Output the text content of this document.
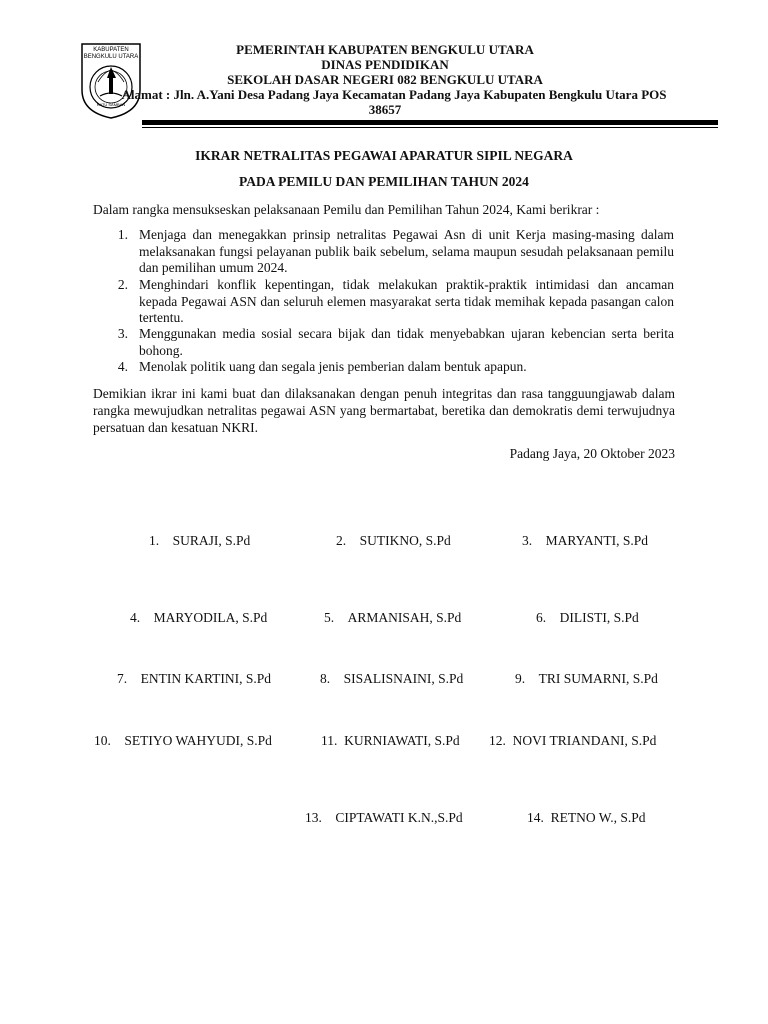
KABUPATEN
BENGKULU UTARA
RATU SAMBAN
PEMERINTAH KABUPATEN BENGKULU UTARA
DINAS PENDIDIKAN
SEKOLAH DASAR NEGERI 082 BENGKULU UTARA
Alamat : Jln. A.Yani Desa Padang Jaya Kecamatan Padang Jaya Kabupaten Bengkulu Utara POS
38657
IKRAR NETRALITAS PEGAWAI APARATUR SIPIL NEGARA
PADA PEMILU DAN PEMILIHAN TAHUN 2024
Dalam rangka mensukseskan pelaksanaan Pemilu dan Pemilihan Tahun 2024, Kami berikrar :
1. Menjaga dan menegakkan prinsip netralitas Pegawai Asn di unit Kerja masing-masing dalam melaksanakan fungsi pelayanan publik baik sebelum, selama maupun sesudah pelaksanaan pemilu dan pemilihan umum 2024.
2. Menghindari konflik kepentingan, tidak melakukan praktik-praktik intimidasi dan ancaman kepada Pegawai ASN dan seluruh elemen masyarakat serta tidak memihak kepada pasangan calon tertentu.
3. Menggunakan media sosial secara bijak dan tidak menyebabkan ujaran kebencian serta berita bohong.
4. Menolak politik uang dan segala jenis pemberian dalam bentuk apapun.
Demikian ikrar ini kami buat dan dilaksanakan dengan penuh integritas dan rasa tangguungjawab dalam rangka mewujudkan netralitas pegawai ASN yang bermartabat, beretika dan demokratis demi terwujudnya persatuan dan kesatuan NKRI.
Padang Jaya, 20 Oktober 2023
1. SURAJI, S.Pd	2. SUTIKNO, S.Pd	3. MARYANTI, S.Pd
4. MARYODILA, S.Pd	5. ARMANISAH, S.Pd	6. DILISTI, S.Pd
7. ENTIN KARTINI, S.Pd	8. SISALISNAINI, S.Pd	9. TRI SUMARNI, S.Pd
10. SETIYO WAHYUDI, S.Pd	11. KURNIAWATI, S.Pd 12. NOVI TRIANDANI, S.Pd
13. CIPTAWATI K.N.,S.Pd	14. RETNO W., S.Pd
